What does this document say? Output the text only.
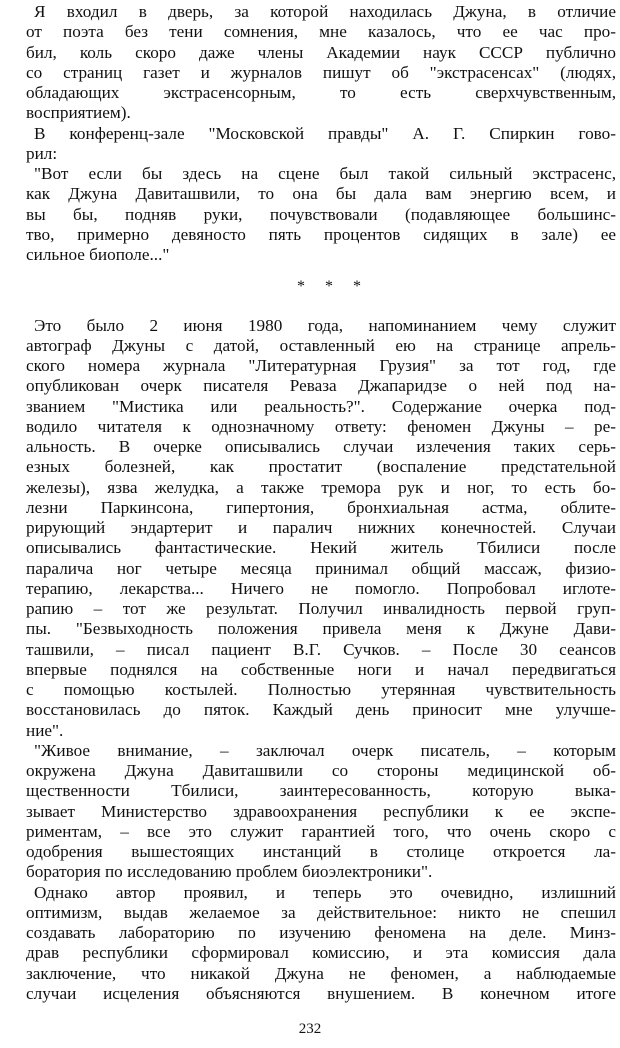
Я входил в дверь, за которой находилась Джуна, в отличие
от поэта без тени сомнения, мне казалось, что ее час про-
бил, коль скоро даже члены Академии наук СССР публично
со страниц газет и журналов пишут об "экстрасенсах" (людях,
обладающих экстрасенсорным, то есть сверхчувственным,
восприятием).
В конференц-зале "Московской правды" А. Г. Спиркин гово-
рил:
"Вот если бы здесь на сцене был такой сильный экстрасенс,
как Джуна Давиташвили, то она бы дала вам энергию всем, и
вы бы, подняв руки, почувствовали (подавляющее большинс-
тво, примерно девяносто пять процентов сидящих в зале) ее
сильное биополе..."
* * *
Это было 2 июня 1980 года, напоминанием чему служит
автограф Джуны с датой, оставленный ею на странице апрель-
ского номера журнала "Литературная Грузия" за тот год, где
опубликован очерк писателя Реваза Джапаридзе о ней под на-
званием "Мистика или реальность?". Содержание очерка под-
водило читателя к однозначному ответу: феномен Джуны – ре-
альность. В очерке описывались случаи излечения таких серь-
езных болезней, как простатит (воспаление предстательной
железы), язва желудка, а также тремора рук и ног, то есть бо-
лезни Паркинсона, гипертония, бронхиальная астма, облите-
рирующий эндартерит и паралич нижних конечностей. Случаи
описывались фантастические. Некий житель Тбилиси после
паралича ног четыре месяца принимал общий массаж, физио-
терапию, лекарства... Ничего не помогло. Попробовал иглоте-
рапию – тот же результат. Получил инвалидность первой груп-
пы. "Безвыходность положения привела меня к Джуне Дави-
ташвили, – писал пациент В.Г. Сучков. – После 30 сеансов
впервые поднялся на собственные ноги и начал передвигаться
с помощью костылей. Полностью утерянная чувствительность
восстановилась до пяток. Каждый день приносит мне улучше-
ние".
"Живое внимание, – заключал очерк писатель, – которым
окружена Джуна Давиташвили со стороны медицинской об-
щественности Тбилиси, заинтересованность, которую выка-
зывает Министерство здравоохранения республики к ее экспе-
риментам, – все это служит гарантией того, что очень скоро с
одобрения вышестоящих инстанций в столице откроется ла-
боратория по исследованию проблем биоэлектроники".
Однако автор проявил, и теперь это очевидно, излишний
оптимизм, выдав желаемое за действительное: никто не спешил
создавать лабораторию по изучению феномена на деле. Минз-
драв республики сформировал комиссию, и эта комиссия дала
заключение, что никакой Джуна не феномен, а наблюдаемые
случаи исцеления объясняются внушением. В конечном итоге
232
